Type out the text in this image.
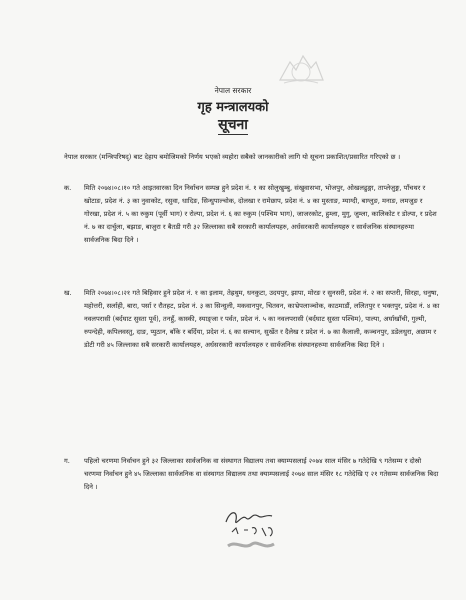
नेपाल सरकार
गृह मन्त्रालयको
सूचना
नेपाल सरकार (मन्त्रिपरिषद्) बाट देहाय बमोजिमको निर्णय भएको व्यहोरा सबैको जानकारीको लागि यो सूचना प्रकाशित/प्रसारित गरिएको छ ।
क. मिति २०७४।०८।१० गते आइतवारका दिन निर्वाचन सम्पन्न हुने प्रदेश नं. १ का सोलुखुम्बु, संखुवासभा, भोजपुर, ओखलढुङ्गा, ताप्लेजुङ्ग, पाँचथर र खोटाङ, प्रदेश नं. ३ का नुवाकोट, रसुवा, धादिङ, सिन्धुपाल्चोक, दोलखा र रामेछाप, प्रदेश नं. ४ का मुस्ताङ, म्याग्दी, बाग्लुङ, मनाङ, लमजुङ र गोरखा, प्रदेश नं. ५ का रुकुम (पूर्वी भाग) र रोल्पा, प्रदेश नं. ६ का रुकुम (पश्चिम भाग), जाजरकोट, हुम्ला, मुगु, जुम्ला, कालिकोट र डोल्पा, र प्रदेश नं. ७ का दार्चुला, बझाङ, बाजुरा र बैतडी गरी ३२ जिल्लाका सबै सरकारी कार्यालयहरु, अर्धसरकारी कार्यालयहरु र सार्वजनिक संस्थानहरुमा सार्वजनिक बिदा दिने ।
ख. मिति २०७४।०८।२१ गते बिहिवार हुने प्रदेश नं. १ का इलाम, तेह्रथुम, धनकुटा, उदयपुर, झापा, मोरङ र सुनसरी, प्रदेश नं. २ का सप्तरी, सिरहा, धनुषा, महोत्तरी, सर्लाही, बारा, पर्सा र रौतहट, प्रदेश नं. ३ का सिन्धुली, मकवानपुर, चितवन, काभ्रेपलाञ्चोक, काठमाडौं, ललितपुर र भक्तपुर, प्रदेश नं. ४ का नवलपरासी (बर्दघाट सुस्ता पूर्व), तनहुँ, कास्की, स्याङ्जा र पर्वत, प्रदेश नं. ५ का नवलपरासी (बर्दघाट सुस्ता पश्चिम), पाल्पा, अर्घाखाँची, गुल्मी, रुपन्देही, कपिलवस्तु, दाङ, प्युठान, बाँके र बर्दिया, प्रदेश नं. ६ का सल्यान, सुर्खेत र दैलेख र प्रदेश नं. ७ का कैलाली, कञ्चनपुर, डडेलधुरा, अछाम र डोटी गरी ४५ जिल्लाका सबै सरकारी कार्यालयहरु, अर्धसरकारी कार्यालयहरु र सार्वजनिक संस्थानहरुमा सार्वजनिक बिदा दिने ।
ग. पहिलो चरणमा निर्वाचन हुने ३२ जिल्लाका सार्वजनिक वा संस्थागत विद्यालय तथा क्याम्पसलाई २०७४ साल मंसिर ७ गतेदेखि ९ गतेसम्म र दोस्रो चरणमा निर्वाचन हुने ४५ जिल्लाका सार्वजनिक वा संस्थागत विद्यालय तथा क्याम्पसलाई २०७४ साल मंसिर १८ गतेदेखि ए २१ गतेसम्म सार्वजनिक बिदा दिने ।
